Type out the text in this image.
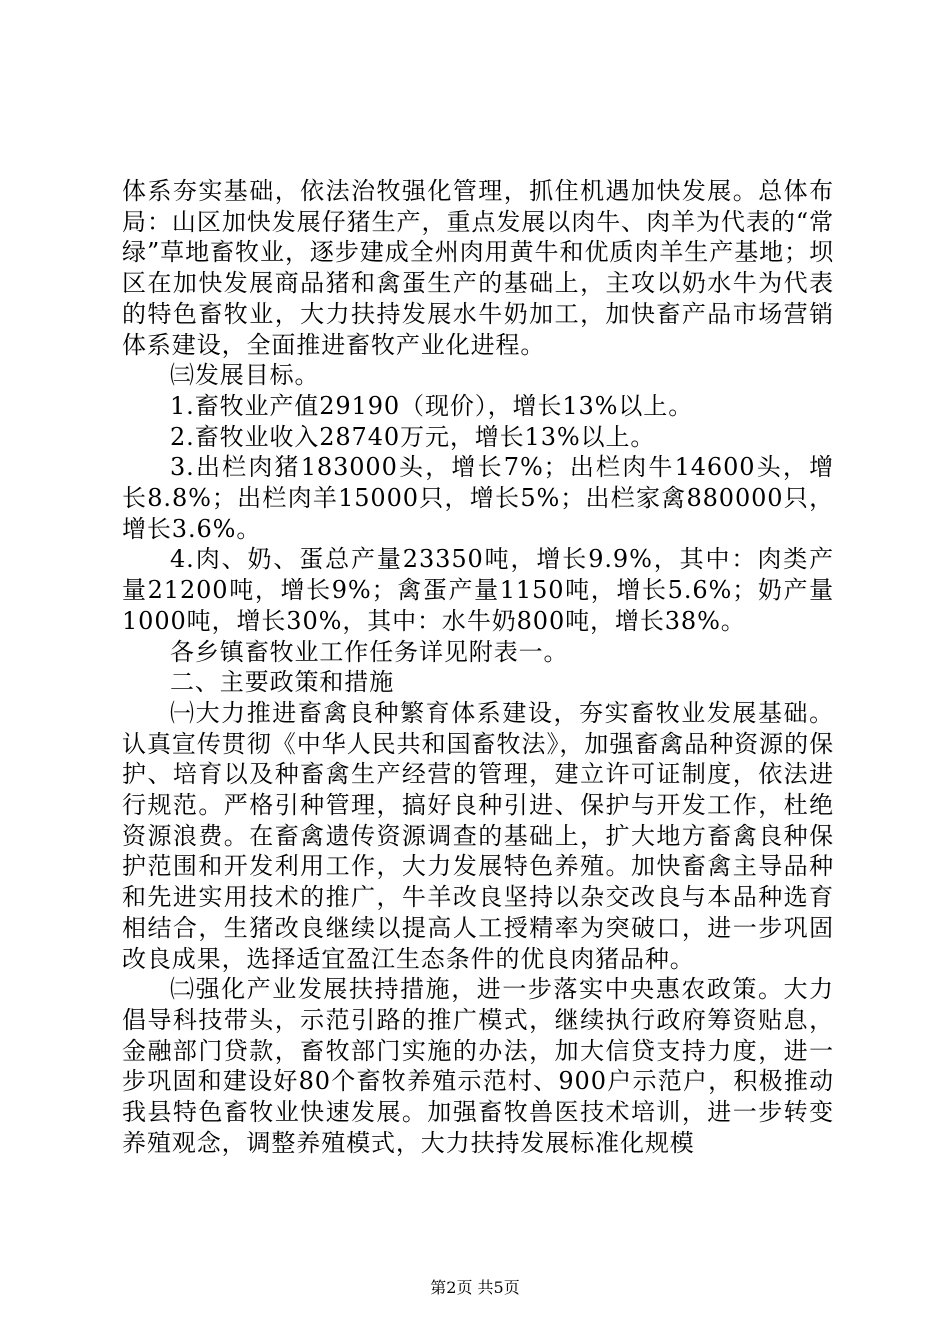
体系夯实基础，依法治牧强化管理，抓住机遇加快发展。总体布局：山区加快发展仔猪生产，重点发展以肉牛、肉羊为代表的“常绿”草地畜牧业，逐步建成全州肉用黄牛和优质肉羊生产基地；坝区在加快发展商品猪和禽蛋生产的基础上，主攻以奶水牛为代表的特色畜牧业，大力扶持发展水牛奶加工，加快畜产品市场营销体系建设，全面推进畜牧产业化进程。

㈢发展目标。

1.畜牧业产值29190（现价），增长13%以上。

2.畜牧业收入28740万元，增长13%以上。

3.出栏肉猪183000头，增长7%；出栏肉牛14600头，增长8.8%；出栏肉羊15000只，增长5%；出栏家禽880000只，增长3.6%。

4.肉、奶、蛋总产量23350吨，增长9.9%，其中：肉类产量21200吨，增长9%；禽蛋产量1150吨，增长5.6%；奶产量1000吨，增长30%，其中：水牛奶800吨，增长38%。

各乡镇畜牧业工作任务详见附表一。

二、主要政策和措施

㈠大力推进畜禽良种繁育体系建设，夯实畜牧业发展基础。认真宣传贯彻《中华人民共和国畜牧法》，加强畜禽品种资源的保护、培育以及种畜禽生产经营的管理，建立许可证制度，依法进行规范。严格引种管理，搞好良种引进、保护与开发工作，杜绝资源浪费。在畜禽遗传资源调查的基础上，扩大地方畜禽良种保护范围和开发利用工作，大力发展特色养殖。加快畜禽主导品种和先进实用技术的推广，牛羊改良坚持以杂交改良与本品种选育相结合，生猪改良继续以提高人工授精率为突破口，进一步巩固改良成果，选择适宜盈江生态条件的优良肉猪品种。

㈡强化产业发展扶持措施，进一步落实中央惠农政策。大力倡导科技带头，示范引路的推广模式，继续执行政府筹资贴息，金融部门贷款，畜牧部门实施的办法，加大信贷支持力度，进一步巩固和建设好80个畜牧养殖示范村、900户示范户，积极推动我县特色畜牧业快速发展。加强畜牧兽医技术培训，进一步转变养殖观念，调整养殖模式，大力扶持发展标准化规模

第2页 共5页
